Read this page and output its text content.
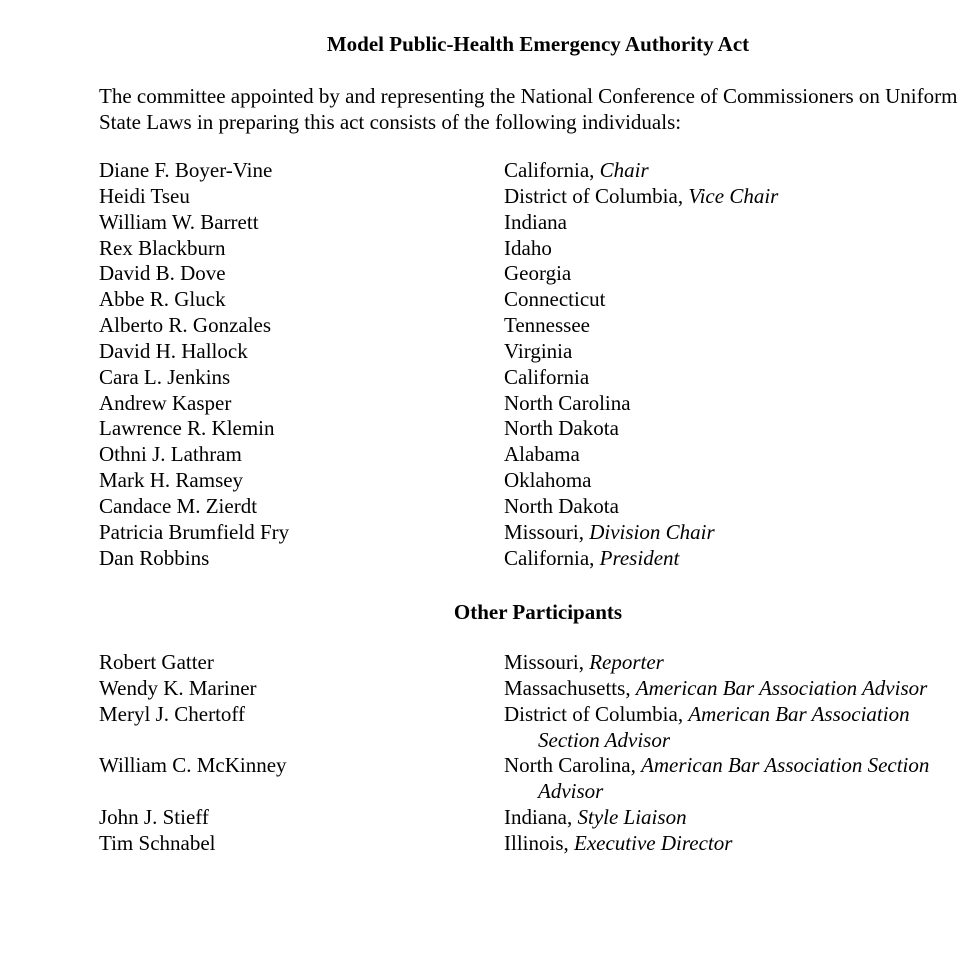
Model Public-Health Emergency Authority Act
The committee appointed by and representing the National Conference of Commissioners on Uniform State Laws in preparing this act consists of the following individuals:
Diane F. Boyer-Vine	California, Chair
Heidi Tseu	District of Columbia, Vice Chair
William W. Barrett	Indiana
Rex Blackburn	Idaho
David B. Dove	Georgia
Abbe R. Gluck	Connecticut
Alberto R. Gonzales	Tennessee
David H. Hallock	Virginia
Cara L. Jenkins	California
Andrew Kasper	North Carolina
Lawrence R. Klemin	North Dakota
Othni J. Lathram	Alabama
Mark H. Ramsey	Oklahoma
Candace M. Zierdt	North Dakota
Patricia Brumfield Fry	Missouri, Division Chair
Dan Robbins	California, President
Other Participants
Robert Gatter	Missouri, Reporter
Wendy K. Mariner	Massachusetts, American Bar Association Advisor
Meryl J. Chertoff	District of Columbia, American Bar Association
Section Advisor
William C. McKinney	North Carolina, American Bar Association Section
Advisor
John J. Stieff	Indiana, Style Liaison
Tim Schnabel	Illinois, Executive Director
